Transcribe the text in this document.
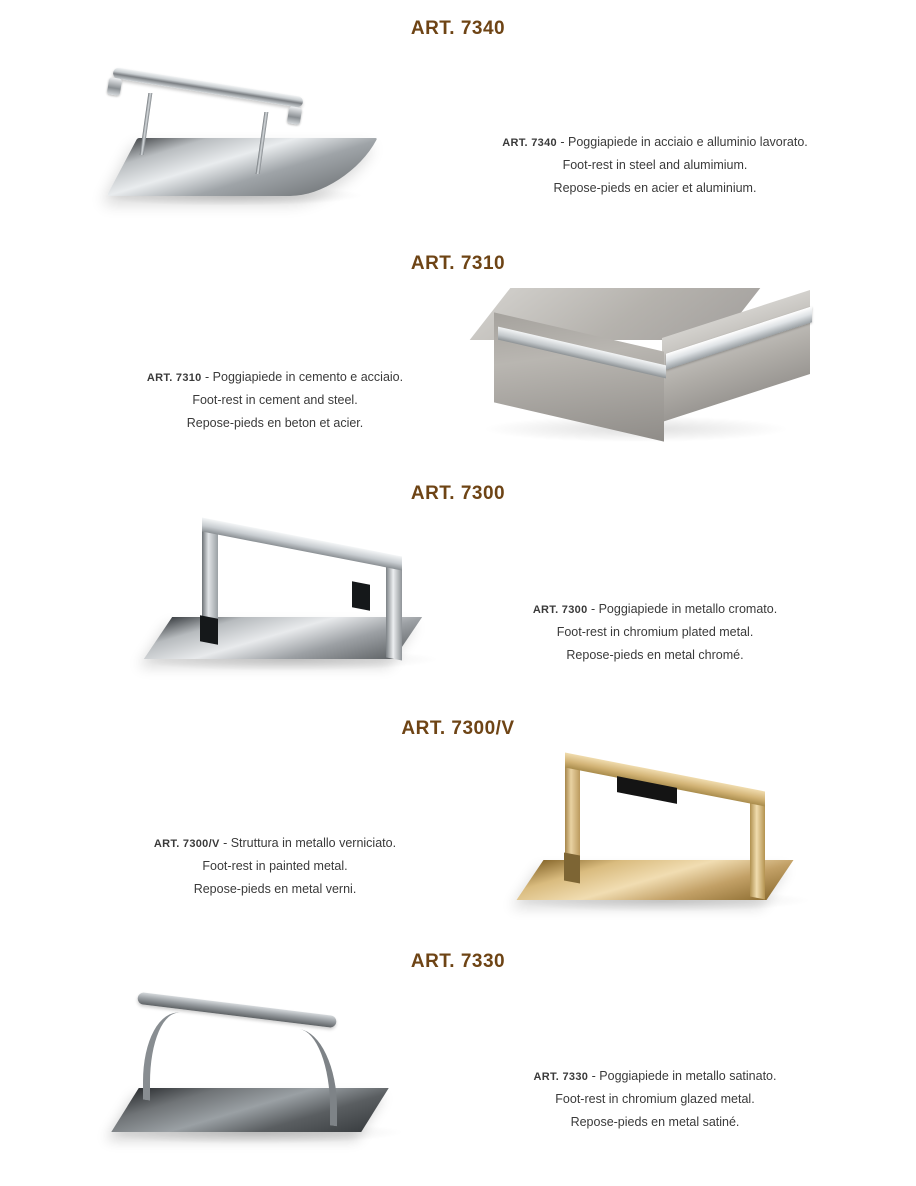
ART. 7340
ART. 7340 - Poggiapiede in acciaio e alluminio lavorato.
Foot-rest in steel and alumimium.
Repose-pieds en acier et aluminium.
ART. 7310
ART. 7310 - Poggiapiede in cemento e acciaio.
Foot-rest in cement and steel.
Repose-pieds en beton et acier.
ART. 7300
ART. 7300 - Poggiapiede in metallo cromato.
Foot-rest in chromium plated metal.
Repose-pieds en metal chromé.
ART. 7300/V
ART. 7300/V - Struttura in metallo verniciato.
Foot-rest in painted metal.
Repose-pieds en metal verni.
ART. 7330
ART. 7330 - Poggiapiede in metallo satinato.
Foot-rest in chromium glazed metal.
Repose-pieds en metal satiné.
